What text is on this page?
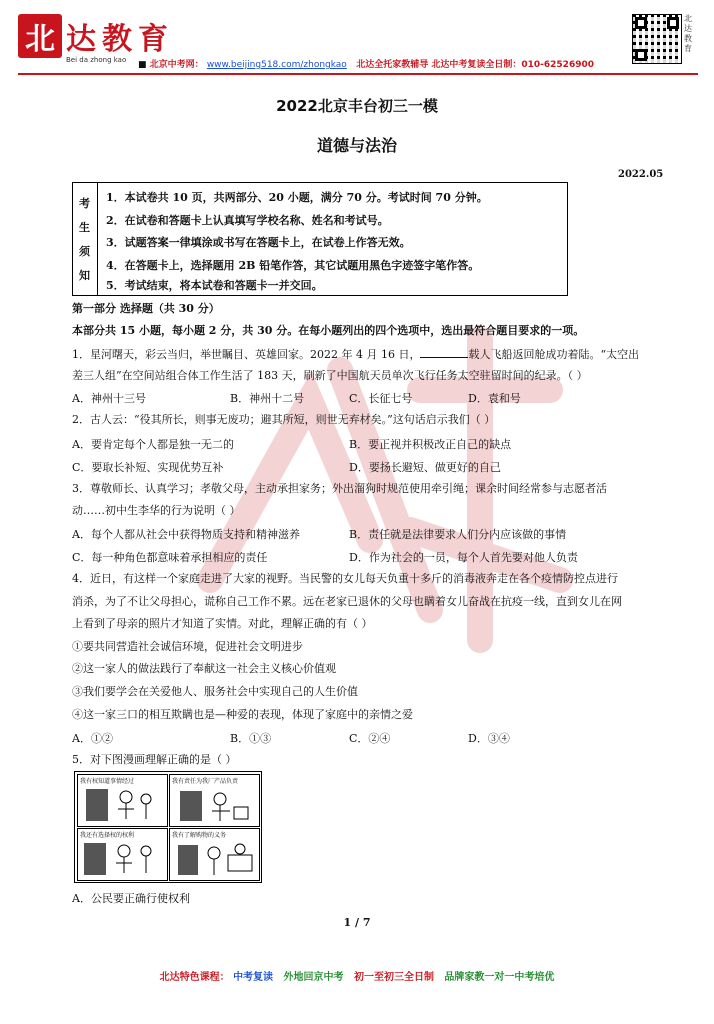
北 达教育
Bei da zhong kao ■ 北京中考网： www.beijing518.com/zhongkao 北达全托家教辅导 北达中考复读全日制：010-62526900
北达教育
2022北京丰台初三一模
道德与法治
2022.05
考
生
须
知
1．本试卷共 10 页，共两部分、20 小题，满分 70 分。考试时间 70 分钟。
2．在试卷和答题卡上认真填写学校名称、姓名和考试号。
3．试题答案一律填涂或书写在答题卡上，在试卷上作答无效。
4．在答题卡上，选择题用 2B 铅笔作答，其它试题用黑色字迹签字笔作答。
5．考试结束，将本试卷和答题卡一并交回。
第一部分 选择题（共 30 分）
本部分共 15 小题，每小题 2 分，共 30 分。在每小题列出的四个选项中，选出最符合题目要求的一项。
1．星河曙天，彩云当归，举世瞩目、英雄回家。2022 年 4 月 16 日，	载人飞船返回舱成功着陆。“太空出
差三人组”在空间站组合体工作生活了 183 天，刷新了中国航天员单次飞行任务太空驻留时间的纪录。（ ）
A．神州十三号	B．神州十二号	C．长征七号	D．袁和号
2．古人云：“役其所长，则事无废功；避其所短，则世无弃材矣。”这句话启示我们（ ）
A．要肯定每个人都是独一无二的	B．要正视并积极改正自己的缺点
C．要取长补短、实现优势互补	D．要扬长避短、做更好的自己
3．尊敬师长、认真学习；孝敬父母，主动承担家务；外出溜狗时规范使用牵引绳；课余时间经常参与志愿者活
动……初中生李华的行为说明（ ）
A．每个人都从社会中获得物质支持和精神滋养	B．责任就是法律要求人们分内应该做的事情
C．每一种角色都意味着承担相应的责任	D．作为社会的一员，每个人首先要对他人负责
4．近日，有这样一个家庭走进了大家的视野。当民警的女儿每天负重十多斤的消毒液奔走在各个疫情防控点进行
消杀，为了不让父母担心，谎称自己工作不累。远在老家已退休的父母也瞒着女儿奋战在抗疫一线，直到女儿在网
上看到了母亲的照片才知道了实情。对此，理解正确的有（ ）
①要共同营造社会诚信环境，促进社会文明进步
②这一家人的做法践行了奉献这一社会主义核心价值观
③我们要学会在关爱他人、服务社会中实现自己的人生价值
④这一家三口的相互欺瞒也是—种爱的表现，体现了家庭中的亲情之爱
A．①②	B．①③	C．②④	D．③④
5．对下图漫画理解正确的是（ ）
我有权知道事情经过	我有责任为我厂产品负责
我还有选择权的权利	我有了解购物的义务
A．公民要正确行使权利
1 / 7
北达特色课程： 中考复读 外地回京中考 初一至初三全日制 品牌家教一对一中考培优
